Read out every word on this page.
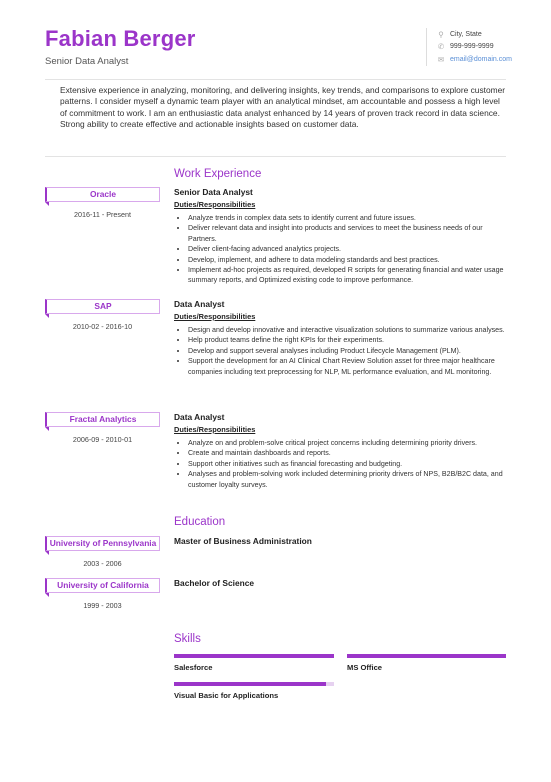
Fabian Berger
Senior Data Analyst
⚲ City, State
✆ 999-999-9999
✉ email@domain.com
Extensive experience in analyzing, monitoring, and delivering insights, key trends, and comparisons to explore customer patterns. I consider myself a dynamic team player with an analytical mindset, am accountable and possess a high level of commitment to work. I am an enthusiastic data analyst enhanced by 14 years of proven track record in data science. Strong ability to create effective and actionable insights based on customer data.
Work Experience
Oracle
2016-11 - Present
Senior Data Analyst
Duties/Responsibilities
• Analyze trends in complex data sets to identify current and future issues.
• Deliver relevant data and insight into products and services to meet the business needs of our Partners.
• Deliver client-facing advanced analytics projects.
• Develop, implement, and adhere to data modeling standards and best practices.
• Implement ad-hoc projects as required, developed R scripts for generating financial and water usage summary reports, and Optimized existing code to improve performance.
SAP
2010-02 - 2016-10
Data Analyst
Duties/Responsibilities
• Design and develop innovative and interactive visualization solutions to summarize various analyses.
• Help product teams define the right KPIs for their experiments.
• Develop and support several analyses including Product Lifecycle Management (PLM).
• Support the development for an AI Clinical Chart Review Solution asset for three major healthcare companies including text preprocessing for NLP, ML performance evaluation, and ML monitoring.
Fractal Analytics
2006-09 - 2010-01
Data Analyst
Duties/Responsibilities
• Analyze on and problem-solve critical project concerns including determining priority drivers.
• Create and maintain dashboards and reports.
• Support other initiatives such as financial forecasting and budgeting.
• Analyses and problem-solving work included determining priority drivers of NPS, B2B/B2C data, and customer loyalty surveys.
Education
University of Pennsylvania
2003 - 2006
Master of Business Administration
University of California
1999 - 2003
Bachelor of Science
Skills
Salesforce	MS Office
Visual Basic for Applications
